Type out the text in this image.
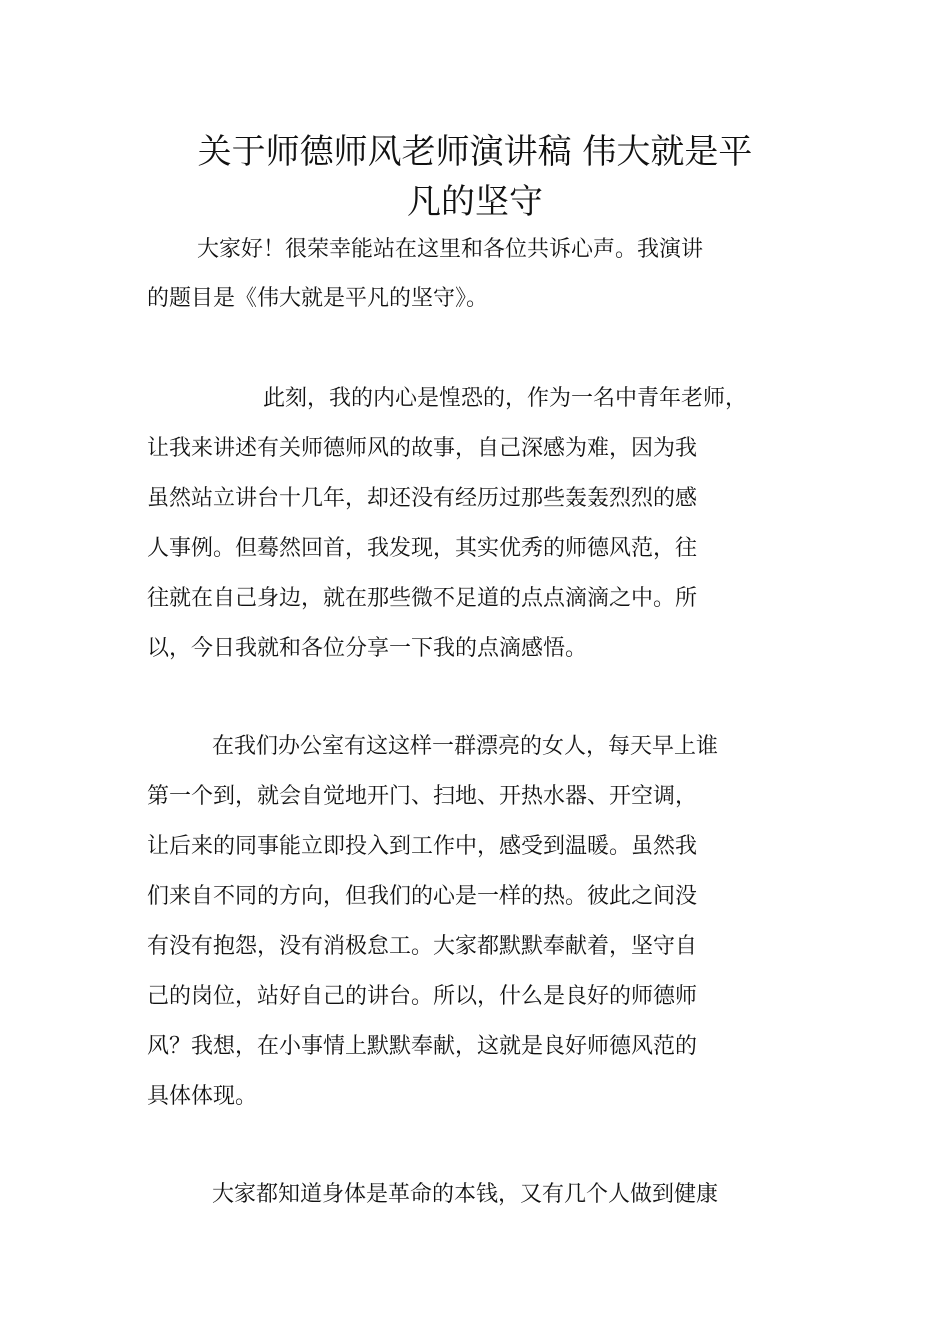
关于师德师风老师演讲稿 伟大就是平
凡的坚守

大家好！很荣幸能站在这里和各位共诉心声。我演讲

的题目是《伟大就是平凡的坚守》。

此刻，我的内心是惶恐的，作为一名中青年老师，

让我来讲述有关师德师风的故事，自己深感为难，因为我

虽然站立讲台十几年，却还没有经历过那些轰轰烈烈的感

人事例。但蓦然回首，我发现，其实优秀的师德风范，往

往就在自己身边，就在那些微不足道的点点滴滴之中。所

以，今日我就和各位分享一下我的点滴感悟。

在我们办公室有这这样一群漂亮的女人，每天早上谁

第一个到，就会自觉地开门、扫地、开热水器、开空调，

让后来的同事能立即投入到工作中，感受到温暖。虽然我

们来自不同的方向，但我们的心是一样的热。彼此之间没

有没有抱怨，没有消极怠工。大家都默默奉献着，坚守自

己的岗位，站好自己的讲台。所以，什么是良好的师德师

风？我想，在小事情上默默奉献，这就是良好师德风范的

具体体现。

大家都知道身体是革命的本钱，又有几个人做到健康
